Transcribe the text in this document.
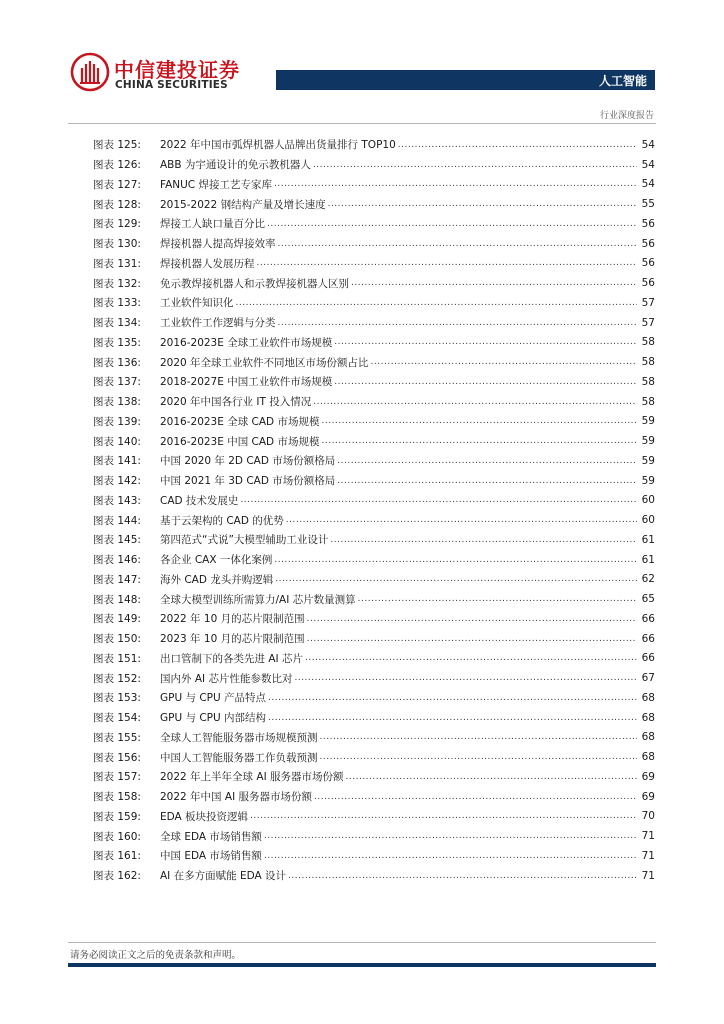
中信建投证券
CHINA SECURITIES	人工智能
行业深度报告
图表 125:	2022 年中国市弧焊机器人品牌出货量排行 TOP10 .....	54
图表 126:	ABB 为宇通设计的免示教机器人 .....	54
图表 127:	FANUC 焊接工艺专家库 .....	54
图表 128:	2015-2022 钢结构产量及增长速度 .....	55
图表 129:	焊接工人缺口量百分比 .....	56
图表 130:	焊接机器人提高焊接效率 .....	56
图表 131:	焊接机器人发展历程 .....	56
图表 132:	免示教焊接机器人和示教焊接机器人区别 .....	56
图表 133:	工业软件知识化 .....	57
图表 134:	工业软件工作逻辑与分类 .....	57
图表 135:	2016-2023E 全球工业软件市场规模 .....	58
图表 136:	2020 年全球工业软件不同地区市场份额占比 .....	58
图表 137:	2018-2027E 中国工业软件市场规模 .....	58
图表 138:	2020 年中国各行业 IT 投入情况 .....	58
图表 139:	2016-2023E 全球 CAD 市场规模 .....	59
图表 140:	2016-2023E 中国 CAD 市场规模 .....	59
图表 141:	中国 2020 年 2D CAD 市场份额格局 .....	59
图表 142:	中国 2021 年 3D CAD 市场份额格局 .....	59
图表 143:	CAD 技术发展史 .....	60
图表 144:	基于云架构的 CAD 的优势 .....	60
图表 145:	第四范式“式说”大模型辅助工业设计 .....	61
图表 146:	各企业 CAX 一体化案例 .....	61
图表 147:	海外 CAD 龙头并购逻辑 .....	62
图表 148:	全球大模型训练所需算力/AI 芯片数量测算 .....	65
图表 149:	2022 年 10 月的芯片限制范围 .....	66
图表 150:	2023 年 10 月的芯片限制范围 .....	66
图表 151:	出口管制下的各类先进 AI 芯片 .....	66
图表 152:	国内外 AI 芯片性能参数比对 .....	67
图表 153:	GPU 与 CPU 产品特点 .....	68
图表 154:	GPU 与 CPU 内部结构 .....	68
图表 155:	全球人工智能服务器市场规模预测 .....	68
图表 156:	中国人工智能服务器工作负载预测 .....	68
图表 157:	2022 年上半年全球 AI 服务器市场份额 .....	69
图表 158:	2022 年中国 AI 服务器市场份额 .....	69
图表 159:	EDA 板块投资逻辑 .....	70
图表 160:	全球 EDA 市场销售额 .....	71
图表 161:	中国 EDA 市场销售额 .....	71
图表 162:	AI 在多方面赋能 EDA 设计 .....	71
请务必阅读正文之后的免责条款和声明。
